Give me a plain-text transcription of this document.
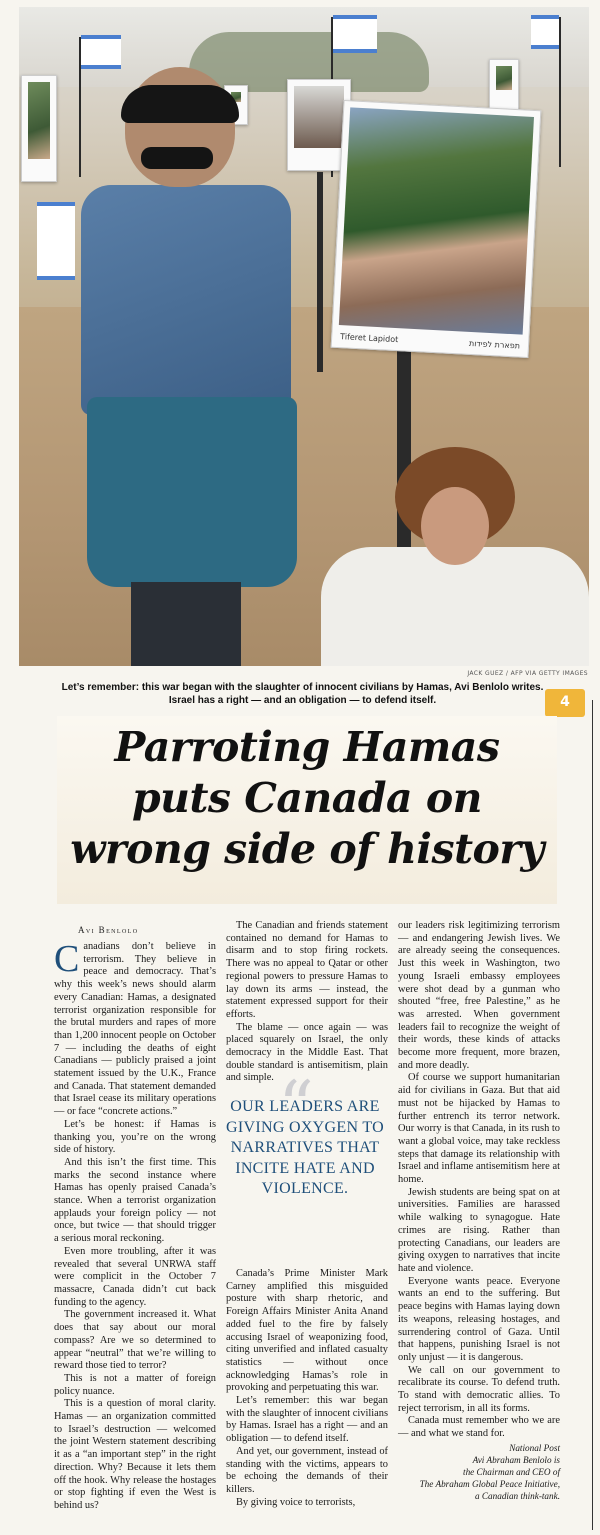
Tiferet Lapidot
תפארת לפידות
JACK GUEZ / AFP VIA GETTY IMAGES
Let’s remember: this war began with the slaughter of innocent civilians by Hamas, Avi Benlolo writes.
Israel has a right — and an obligation — to defend itself.	4
Parroting Hamas
puts Canada on
wrong side of history
Avi Benlolo

Canadians don’t believe in terrorism. They believe in peace and democracy. That’s why this week’s news should alarm every Canadian: Hamas, a designated terrorist organization responsible for the brutal murders and rapes of more than 1,200 innocent people on October 7 — including the deaths of eight Canadians — publicly praised a joint statement issued by the U.K., France and Canada. That statement demanded that Israel cease its military operations — or face “concrete actions.”

Let’s be honest: if Hamas is thanking you, you’re on the wrong side of history.

And this isn’t the first time. This marks the second instance where Hamas has openly praised Canada’s stance. When a terrorist organization applauds your foreign policy — not once, but twice — that should trigger a serious moral reckoning.

Even more troubling, after it was revealed that several UNRWA staff were complicit in the October 7 massacre, Canada didn’t cut back funding to the agency.

The government increased it. What does that say about our moral compass? Are we so determined to appear “neutral” that we’re willing to reward those tied to terror?

This is not a matter of foreign policy nuance.

This is a question of moral clarity. Hamas — an organization committed to Israel’s destruction — welcomed the joint Western statement describing it as a “an important step” in the right direction. Why? Because it lets them off the hook. Why release the hostages or stop fighting if even the West is behind us?

The Canadian and friends statement contained no demand for Hamas to disarm and to stop firing rockets. There was no appeal to Qatar or other regional powers to pressure Hamas to lay down its arms — instead, the statement expressed support for their efforts.

The blame — once again — was placed squarely on Israel, the only democracy in the Middle East. That double standard is antisemitism, plain and simple. “
OUR LEADERS ARE GIVING OXYGEN TO NARRATIVES THAT INCITE HATE AND VIOLENCE.

Canada’s Prime Minister Mark Carney amplified this misguided posture with sharp rhetoric, and Foreign Affairs Minister Anita Anand added fuel to the fire by falsely accusing Israel of weaponizing food, citing unverified and inflated casualty statistics — without once acknowledging Hamas’s role in provoking and perpetuating this war.

Let’s remember: this war began with the slaughter of innocent civilians by Hamas. Israel has a right — and an obligation — to defend itself.

And yet, our government, instead of standing with the victims, appears to be echoing the demands of their killers.

By giving voice to terrorists,

our leaders risk legitimizing terrorism — and endangering Jewish lives. We are already seeing the consequences. Just this week in Washington, two young Israeli embassy employees were shot dead by a gunman who shouted “free, free Palestine,” as he was arrested. When government leaders fail to recognize the weight of their words, these kinds of attacks become more frequent, more brazen, and more deadly.

Of course we support humanitarian aid for civilians in Gaza. But that aid must not be hijacked by Hamas to further entrench its terror network. Our worry is that Canada, in its rush to want a global voice, may take reckless steps that damage its relationship with Israel and inflame antisemitism here at home.

Jewish students are being spat on at universities. Families are harassed while walking to synagogue. Hate crimes are rising. Rather than protecting Canadians, our leaders are giving oxygen to narratives that incite hate and violence.

Everyone wants peace. Everyone wants an end to the suffering. But peace begins with Hamas laying down its weapons, releasing hostages, and surrendering control of Gaza. Until that happens, punishing Israel is not only unjust — it is dangerous.

We call on our government to recalibrate its course. To defend truth. To stand with democratic allies. To reject terrorism, in all its forms.

Canada must remember who we are — and what we stand for.

National Post
Avi Abraham Benlolo is
the Chairman and CEO of
The Abraham Global Peace Initiative,
a Canadian think-tank.
